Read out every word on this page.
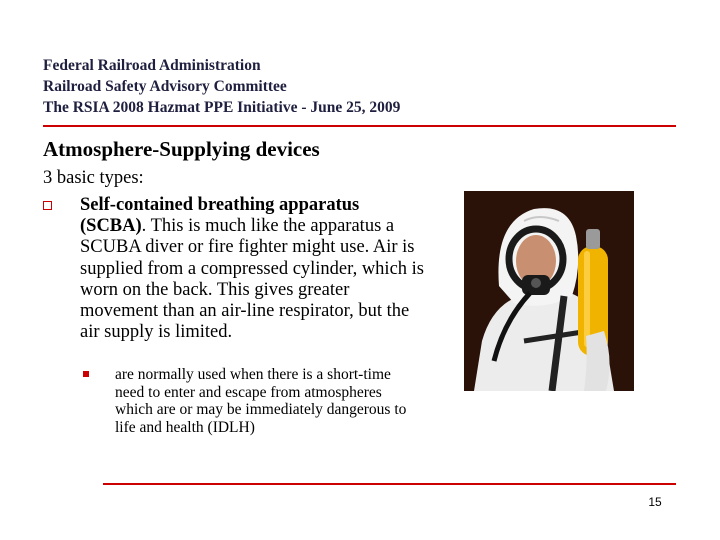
Federal Railroad Administration
Railroad Safety Advisory Committee
The RSIA 2008 Hazmat PPE Initiative - June 25, 2009
Atmosphere-Supplying devices
3 basic types:
Self-contained breathing apparatus (SCBA). This is much like the apparatus a SCUBA diver or fire fighter might use. Air is supplied from a compressed cylinder, which is worn on the back. This gives greater movement than an air-line respirator, but the air supply is limited.
are normally used when there is a short-time need to enter and escape from atmospheres which are or may be immediately dangerous to life and health (IDLH)
15
